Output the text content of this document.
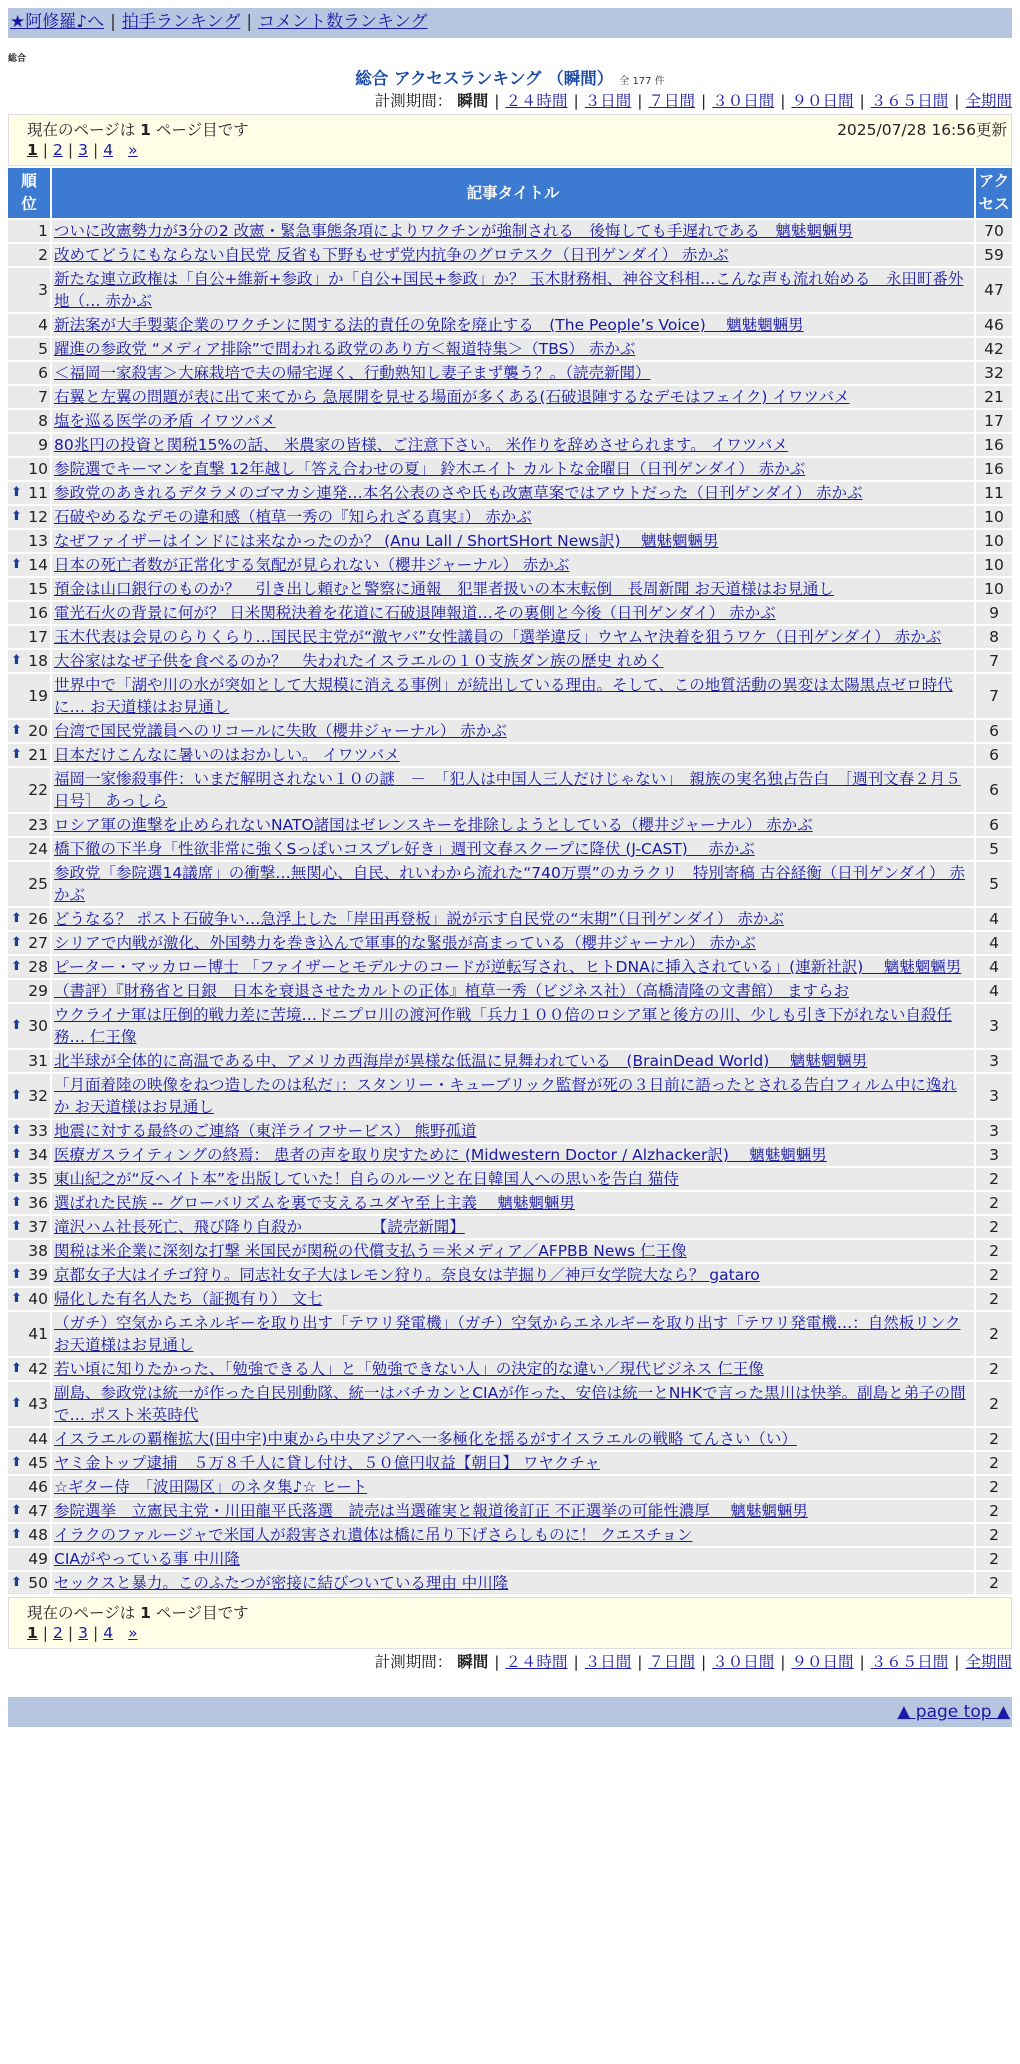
★阿修羅♪へ | 拍手ランキング | コメント数ランキング
総合
総合 アクセスランキング （瞬間） 全 177 件
計測期間： 瞬間 | ２４時間 | ３日間 | ７日間 | ３０日間 | ９０日間 | ３６５日間 | 全期間
現在のページは 1 ページ目です	2025/07/28 16:56更新
1 | 2 | 3 | 4 »
順
位	記事タイトル	アク
セス
1	ついに改憲勢力が3分の2 改憲・緊急事態条項によりワクチンが強制される　後悔しても手遅れである　魑魅魍魎男	70
2	改めてどうにもならない自民党 反省も下野もせず党内抗争のグロテスク（日刊ゲンダイ） 赤かぶ	59
3	新たな連立政権は「自公+維新+参政」か「自公+国民+参政」か？ 玉木財務相、神谷文科相…こんな声も流れ始める　永田町番外地（… 赤かぶ	47
4	新法案が大手製薬企業のワクチンに関する法的責任の免除を廃止する　(The People’s Voice)　 魑魅魍魎男	46
5	躍進の参政党 “メディア排除”で問われる政党のあり方＜報道特集＞（TBS） 赤かぶ	42
6	＜福岡一家殺害＞大麻栽培で夫の帰宅遅く、行動熟知し妻子まず襲う？。（読売新聞）	32
7	右翼と左翼の問題が表に出て来てから 急展開を見せる場面が多くある(石破退陣するなデモはフェイク) イワツバメ	21
8	塩を巡る医学の矛盾 イワツバメ	17
9	80兆円の投資と関税15%の話、 米農家の皆様、ご注意下さい。 米作りを辞めさせられます。 イワツバメ	16
10	参院選でキーマンを直撃 12年越し「答え合わせの夏」 鈴木エイト カルトな金曜日（日刊ゲンダイ） 赤かぶ	16

⬆ 11	参政党のあきれるデタラメのゴマカシ連発…本名公表のさや氏も改憲草案ではアウトだった（日刊ゲンダイ） 赤かぶ	11

⬆ 12	石破やめるなデモの違和感（植草一秀の『知られざる真実』） 赤かぶ	10
13	なぜファイザーはインドには来なかったのか？ (Anu Lall / ShortSHort News訳)　 魑魅魍魎男	10

⬆ 14	日本の死亡者数が正常化する気配が見られない（櫻井ジャーナル） 赤かぶ	10
15	預金は山口銀行のものか？　引き出し頼むと警察に通報　犯罪者扱いの本末転倒　長周新聞 お天道様はお見通し	10
16	電光石火の背景に何が？ 日米関税決着を花道に石破退陣報道…その裏側と今後（日刊ゲンダイ） 赤かぶ	9
17	玉木代表は会見のらりくらり…国民民主党が“激ヤバ”女性議員の「選挙違反」ウヤムヤ決着を狙うワケ（日刊ゲンダイ） 赤かぶ	8

⬆ 18	大谷家はなぜ子供を食べるのか？　失われたイスラエルの１０支族ダン族の歴史 れめく	7
19	世界中で「湖や川の水が突如として大規模に消える事例」が続出している理由。そして、この地質活動の異変は太陽黒点ゼロ時代に… お天道様はお見通し	7

⬆ 20	台湾で国民党議員へのリコールに失敗（櫻井ジャーナル） 赤かぶ	6

⬆ 21	日本だけこんなに暑いのはおかしい。 イワツバメ	6
22	福岡一家惨殺事件：いまだ解明されない１０の謎　－　「犯人は中国人三人だけじゃない」　親族の実名独占告白　［週刊文春２月５日号］ あっしら	6
23	ロシア軍の進撃を止められないNATO諸国はゼレンスキーを排除しようとしている（櫻井ジャーナル） 赤かぶ	6
24	橋下徹の下半身「性欲非常に強くSっぽいコスプレ好き」週刊文春スクープに降伏 (J-CAST)　 赤かぶ	5
25	参政党「参院選14議席」の衝撃…無関心、自民、れいわから流れた“740万票”のカラクリ　特別寄稿 古谷経衡（日刊ゲンダイ） 赤かぶ	5

⬆ 26	どうなる？ ポスト石破争い…急浮上した「岸田再登板」説が示す自民党の“末期”（日刊ゲンダイ） 赤かぶ	4

⬆ 27	シリアで内戦が激化、外国勢力を巻き込んで軍事的な緊張が高まっている（櫻井ジャーナル） 赤かぶ	4

⬆ 28	ピーター・マッカロー博士 「ファイザーとモデルナのコードが逆転写され、ヒトDNAに挿入されている」(連新社訳)　 魑魅魍魎男	4
29	（書評）『財務省と日銀　日本を衰退させたカルトの正体』植草一秀（ビジネス社）（高橋清隆の文書館） ますらお	4

⬆ 30	ウクライナ軍は圧倒的戦力差に苦境…ドニプロ川の渡河作戦「兵力１００倍のロシア軍と後方の川、少しも引き下がれない自殺任務… 仁王像	3
31	北半球が全体的に高温である中、アメリカ西海岸が異様な低温に見舞われている　(BrainDead World)　 魑魅魍魎男	3

⬆ 32	「月面着陸の映像をねつ造したのは私だ」：スタンリー・キューブリック監督が死の３日前に語ったとされる告白フィルム中に逸れか お天道様はお見通し	3

⬆ 33	地震に対する最終のご連絡（東洋ライフサービス） 熊野孤道	3

⬆ 34	医療ガスライティングの終焉： 患者の声を取り戻すために (Midwestern Doctor / Alzhacker訳)　 魑魅魍魎男	3

⬆ 35	東山紀之が“反ヘイト本”を出版していた！自らのルーツと在日韓国人への思いを告白 猫侍	2

⬆ 36	選ばれた民族 -- グローバリズムを裏で支えるユダヤ至上主義　 魑魅魍魎男	2

⬆ 37	滝沢ハム社長死亡、飛び降り自殺か　　　　　【読売新聞】	2
38	関税は米企業に深刻な打撃 米国民が関税の代償支払う＝米メディア／AFPBB News 仁王像	2

⬆ 39	京都女子大はイチゴ狩り。同志社女子大はレモン狩り。奈良女は芋掘り／神戸女学院大なら？ gataro	2

⬆ 40	帰化した有名人たち（証拠有り） 文七	2
41	（ガチ）空気からエネルギーを取り出す「テワリ発電機」（ガチ）空気からエネルギーを取り出す「テワリ発電機…：自然板リンク お天道様はお見通し	2

⬆ 42	若い頃に知りたかった、「勉強できる人」と「勉強できない人」の決定的な違い／現代ビジネス 仁王像	2

⬆ 43	副島、参政党は統一が作った自民別動隊、統一はバチカンとCIAが作った、安倍は統一とNHKで言った黒川は快挙。副島と弟子の間で… ポスト米英時代	2
44	イスラエルの覇権拡大(田中宇)中東から中央アジアへ一多極化を揺るがすイスラエルの戦略 てんさい（い）	2

⬆ 45	ヤミ金トップ逮捕　５万８千人に貸し付け、５０億円収益【朝日】 ワヤクチャ	2
46	☆ギター侍　「波田陽区」のネタ集♪☆ ヒート	2

⬆ 47	参院選挙　立憲民主党・川田龍平氏落選　読売は当選確実と報道後訂正 不正選挙の可能性濃厚　 魑魅魍魎男	2

⬆ 48	イラクのファルージャで米国人が殺害され遺体は橋に吊り下げさらしものに！ クエスチョン	2
49	CIAがやっている事 中川隆	2

⬆ 50	セックスと暴力。このふたつが密接に結びついている理由 中川隆	2
現在のページは 1 ページ目です
1 | 2 | 3 | 4 »
計測期間： 瞬間 | ２４時間 | ３日間 | ７日間 | ３０日間 | ９０日間 | ３６５日間 | 全期間
▲ page top ▲
